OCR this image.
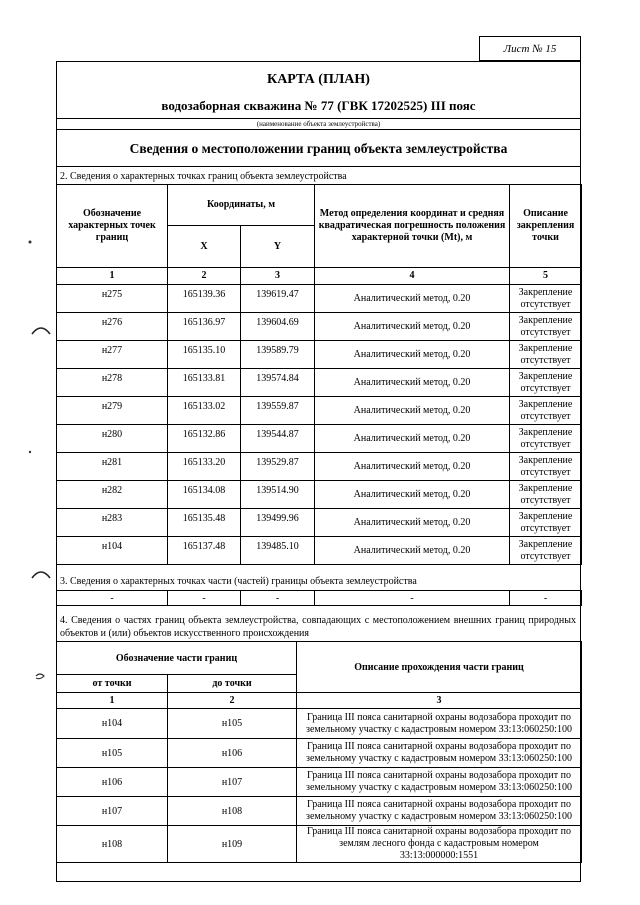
Лист № 15
КАРТА (ПЛАН)
водозаборная скважина № 77 (ГВК 17202525) III пояс
(наименование объекта землеустройства)
Сведения о местоположении границ объекта землеустройства
2. Сведения о характерных точках границ объекта землеустройства
Обозначение характерных точек границ	Координаты, м		Метод определения координат и средняя квадратическая погрешность положения характерной точки (Mt), м	Описание закрепления точки
	X	Y		
1	2	3	4	5
н275	165139.36	139619.47	Аналитический метод, 0.20	Закрепление отсутствует
н276	165136.97	139604.69	Аналитический метод, 0.20	Закрепление отсутствует
н277	165135.10	139589.79	Аналитический метод, 0.20	Закрепление отсутствует
н278	165133.81	139574.84	Аналитический метод, 0.20	Закрепление отсутствует
н279	165133.02	139559.87	Аналитический метод, 0.20	Закрепление отсутствует
н280	165132.86	139544.87	Аналитический метод, 0.20	Закрепление отсутствует
н281	165133.20	139529.87	Аналитический метод, 0.20	Закрепление отсутствует
н282	165134.08	139514.90	Аналитический метод, 0.20	Закрепление отсутствует
н283	165135.48	139499.96	Аналитический метод, 0.20	Закрепление отсутствует
н104	165137.48	139485.10	Аналитический метод, 0.20	Закрепление отсутствует
3. Сведения о характерных точках части (частей) границы объекта землеустройства
-	-	-	-	-
4. Сведения о частях границ объекта землеустройства, совпадающих с местоположением внешних границ природных объектов и (или) объектов искусственного происхождения
Обозначение части границ		Описание прохождения части границ
от точки	до точки	
1	2	3
н104	н105	Граница III пояса санитарной охраны водозабора проходит по земельному участку с кадастровым номером 33:13:060250:100
н105	н106	Граница III пояса санитарной охраны водозабора проходит по земельному участку с кадастровым номером 33:13:060250:100
н106	н107	Граница III пояса санитарной охраны водозабора проходит по земельному участку с кадастровым номером 33:13:060250:100
н107	н108	Граница III пояса санитарной охраны водозабора проходит по земельному участку с кадастровым номером 33:13:060250:100
н108	н109	Граница III пояса санитарной охраны водозабора проходит по землям лесного фонда с кадастровым номером 33:13:000000:1551
